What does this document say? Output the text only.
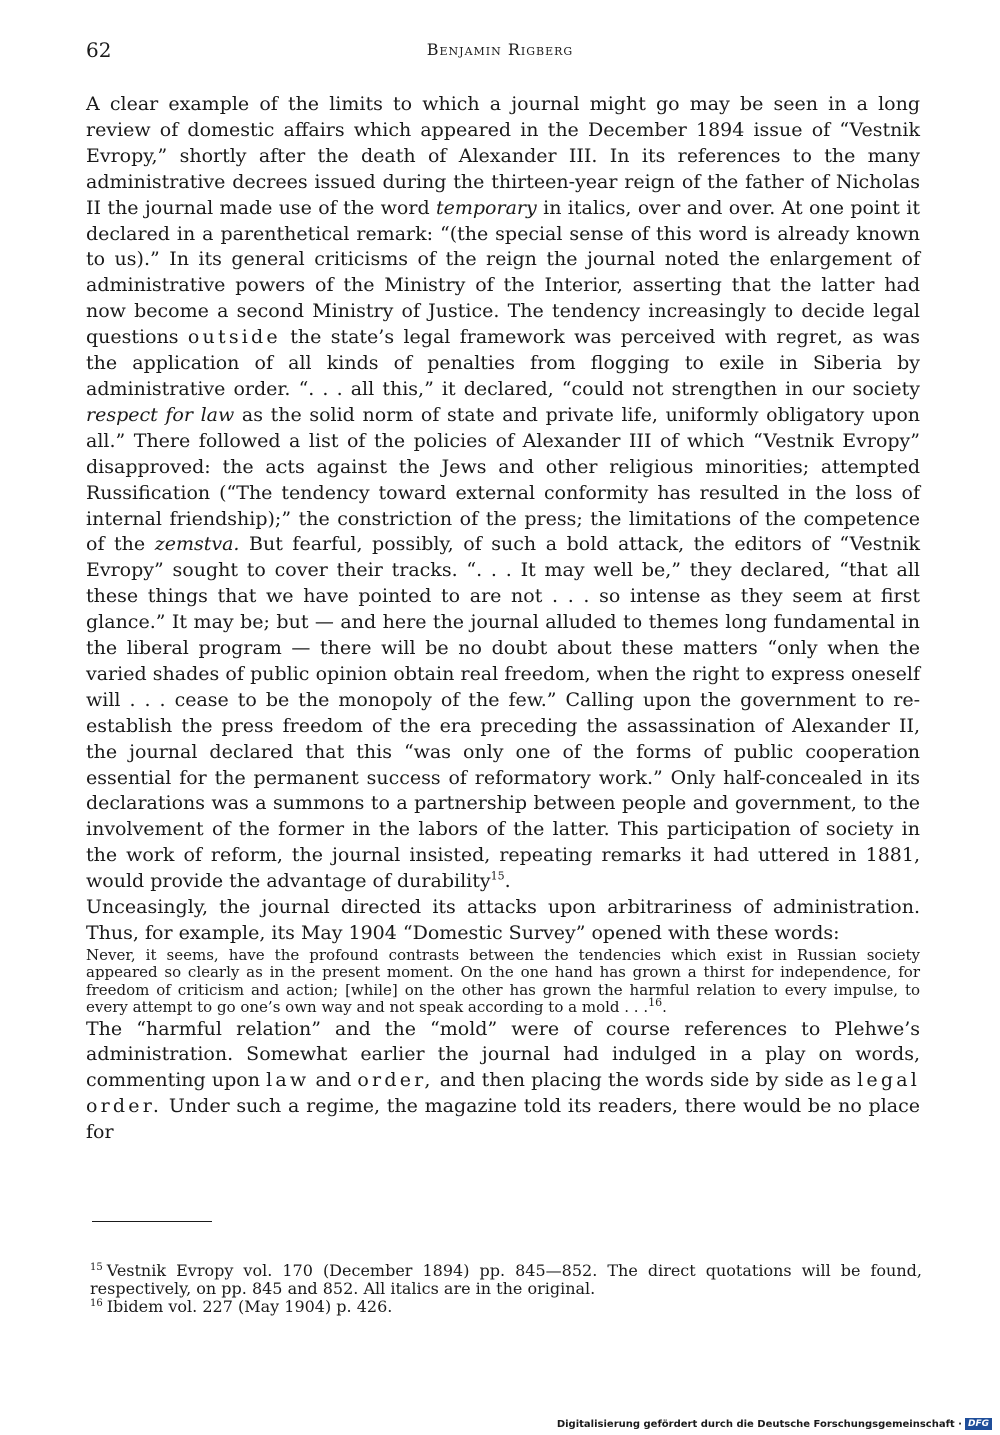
62	Benjamin Rigberg

A clear example of the limits to which a journal might go may be seen in a long review of domestic affairs which appeared in the December 1894 issue of “Vestnik Evropy,” shortly after the death of Alexander III. In its references to the many administrative decrees issued during the thirteen-year reign of the father of Nicholas II the journal made use of the word temporary in italics, over and over. At one point it declared in a parenthetical remark: “(the special sense of this word is already known to us).” In its general criticisms of the reign the journal noted the enlargement of administrative powers of the Ministry of the Interior, asserting that the latter had now become a second Ministry of Justice. The tendency increasingly to decide legal questions outside the state’s legal framework was perceived with regret, as was the application of all kinds of penalties from flogging to exile in Siberia by administrative order. “. . . all this,” it declared, “could not strengthen in our society respect for law as the solid norm of state and private life, uniformly obligatory upon all.” There followed a list of the policies of Alexander III of which “Vestnik Evropy” disapproved: the acts against the Jews and other religious minorities; attempted Russification (“The tendency toward external conformity has resulted in the loss of internal friendship);” the constriction of the press; the limitations of the competence of the zemstva. But fearful, possibly, of such a bold attack, the editors of “Vestnik Evropy” sought to cover their tracks. “. . . It may well be,” they declared, “that all these things that we have pointed to are not . . . so intense as they seem at first glance.” It may be; but — and here the journal alluded to themes long fundamental in the liberal program — there will be no doubt about these matters “only when the varied shades of public opinion obtain real freedom, when the right to express oneself will . . . cease to be the monopoly of the few.” Calling upon the government to re-establish the press freedom of the era preceding the assassination of Alexander II, the journal declared that this “was only one of the forms of public cooperation essential for the permanent success of reformatory work.” Only half-concealed in its declarations was a summons to a partnership between people and government, to the involvement of the former in the labors of the latter. This participation of society in the work of reform, the journal insisted, repeating remarks it had uttered in 1881, would provide the advantage of durability$^{15}$.

Unceasingly, the journal directed its attacks upon arbitrariness of administration. Thus, for example, its May 1904 “Domestic Survey” opened with these words:

Never, it seems, have the profound contrasts between the tendencies which exist in Russian society appeared so clearly as in the present moment. On the one hand has grown a thirst for independence, for freedom of criticism and action; [while] on the other has grown the harmful relation to every impulse, to every attempt to go one’s own way and not speak according to a mold . . .$^{16}$.

The “harmful relation” and the “mold” were of course references to Plehwe’s administration. Somewhat earlier the journal had indulged in a play on words, commenting upon law and order, and then placing the words side by side as legal order. Under such a regime, the magazine told its readers, there would be no place for

$^{15}$ Vestnik Evropy vol. 170 (December 1894) pp. 845—852. The direct quotations will be found, respectively, on pp. 845 and 852. All italics are in the original.

$^{16}$ Ibidem vol. 227 (May 1904) p. 426.

Digitalisierung gefördert durch die Deutsche Forschungsgemeinschaft · DFG
